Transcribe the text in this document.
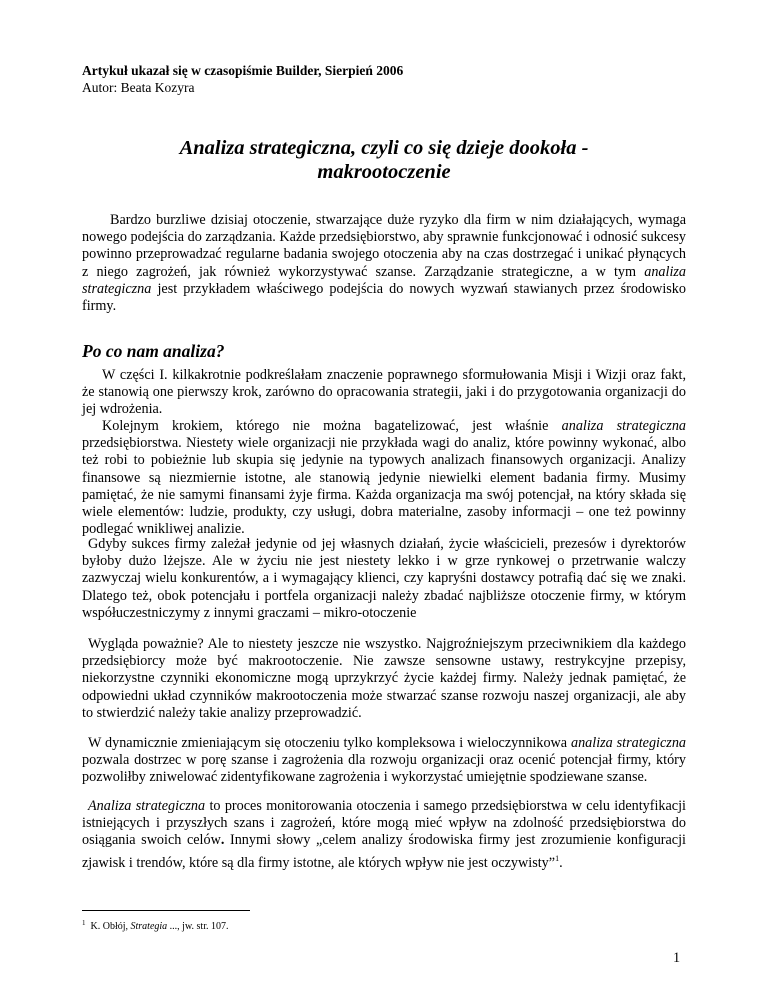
Artykuł ukazał się w czasopiśmie Builder, Sierpień 2006
Autor: Beata Kozyra
Analiza strategiczna, czyli co się dzieje dookoła -
makrootoczenie

Bardzo burzliwe dzisiaj otoczenie, stwarzające duże ryzyko dla firm w nim działających, wymaga nowego podejścia do zarządzania. Każde przedsiębiorstwo, aby sprawnie funkcjonować i odnosić sukcesy powinno przeprowadzać regularne badania swojego otoczenia aby na czas dostrzegać i unikać płynących z niego zagrożeń, jak również wykorzystywać szanse. Zarządzanie strategiczne, a w tym analiza strategiczna jest przykładem właściwego podejścia do nowych wyzwań stawianych przez środowisko firmy.

Po co nam analiza?

W części I. kilkakrotnie podkreślałam znaczenie poprawnego sformułowania Misji i Wizji oraz fakt, że stanowią one pierwszy krok, zarówno do opracowania strategii, jaki i do przygotowania organizacji do jej wdrożenia.

Kolejnym krokiem, którego nie można bagatelizować, jest właśnie analiza strategiczna przedsiębiorstwa. Niestety wiele organizacji nie przykłada wagi do analiz, które powinny wykonać, albo też robi to pobieżnie lub skupia się jedynie na typowych analizach finansowych organizacji. Analizy finansowe są niezmiernie istotne, ale stanowią jedynie niewielki element badania firmy. Musimy pamiętać, że nie samymi finansami żyje firma. Każda organizacja ma swój potencjał, na który składa się wiele elementów: ludzie, produkty, czy usługi, dobra materialne, zasoby informacji – one też powinny podlegać wnikliwej analizie.

Gdyby sukces firmy zależał jedynie od jej własnych działań, życie właścicieli, prezesów i dyrektorów byłoby dużo lżejsze. Ale w życiu nie jest niestety lekko i w grze rynkowej o przetrwanie walczy zazwyczaj wielu konkurentów, a i wymagający klienci, czy kapryśni dostawcy potrafią dać się we znaki. Dlatego też, obok potencjału i portfela organizacji należy zbadać najbliższe otoczenie firmy, w którym współuczestniczymy z innymi graczami – mikro-otoczenie

Wygląda poważnie? Ale to niestety jeszcze nie wszystko. Najgroźniejszym przeciwnikiem dla każdego przedsiębiorcy może być makrootoczenie. Nie zawsze sensowne ustawy, restrykcyjne przepisy, niekorzystne czynniki ekonomiczne mogą uprzykrzyć życie każdej firmy. Należy jednak pamiętać, że odpowiedni układ czynników makrootoczenia może stwarzać szanse rozwoju naszej organizacji, ale aby to stwierdzić należy takie analizy przeprowadzić.

W dynamicznie zmieniającym się otoczeniu tylko kompleksowa i wieloczynnikowa analiza strategiczna pozwala dostrzec w porę szanse i zagrożenia dla rozwoju organizacji oraz ocenić potencjał firmy, który pozwoliłby zniwelować zidentyfikowane zagrożenia i wykorzystać umiejętnie spodziewane szanse.

Analiza strategiczna to proces monitorowania otoczenia i samego przedsiębiorstwa w celu identyfikacji istniejących i przyszłych szans i zagrożeń, które mogą mieć wpływ na zdolność przedsiębiorstwa do osiągania swoich celów. Innymi słowy „celem analizy środowiska firmy jest zrozumienie konfiguracji zjawisk i trendów, które są dla firmy istotne, ale których wpływ nie jest oczywisty”$^1$.

$^1$ K. Obłój, Strategia ..., jw. str. 107.
1
